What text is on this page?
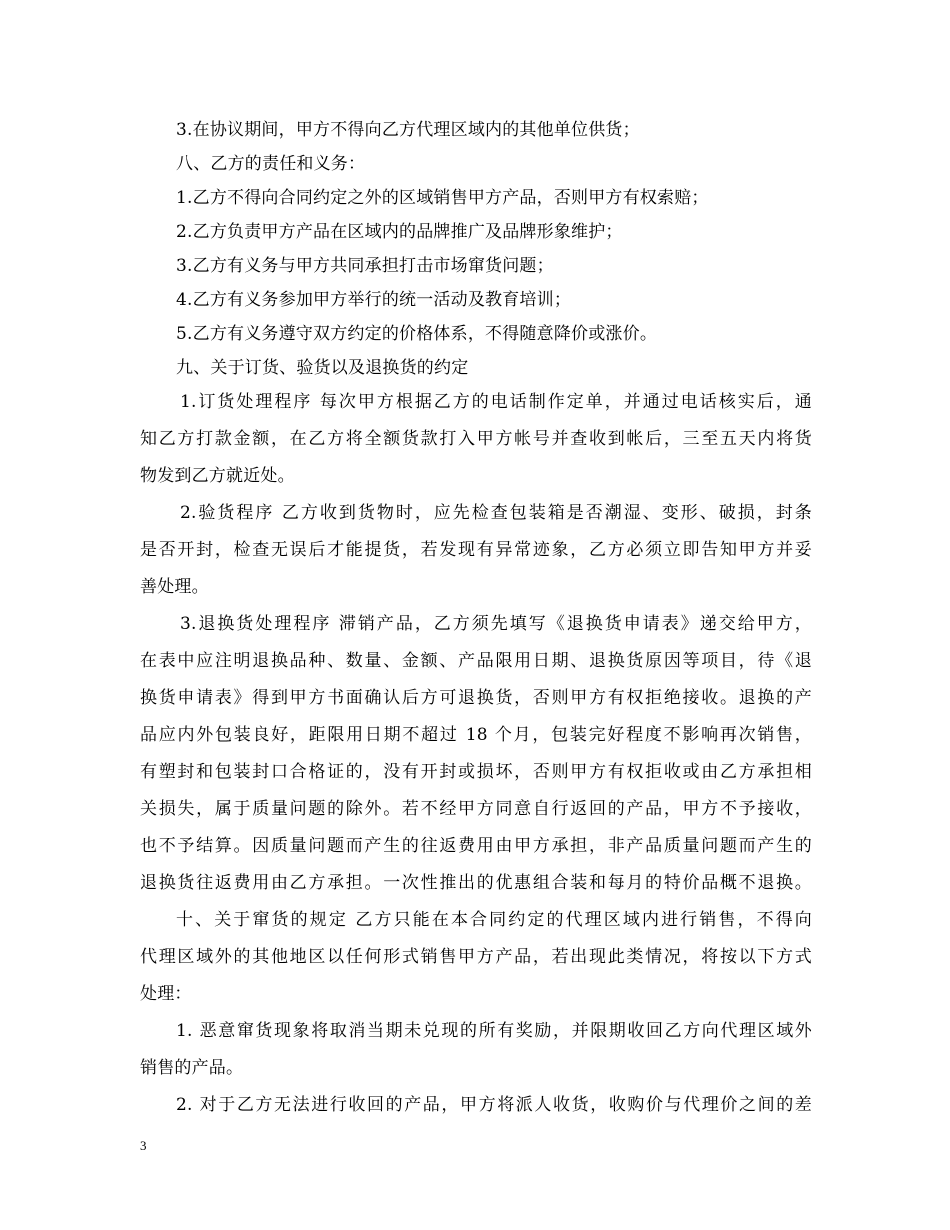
3.在协议期间，甲方不得向乙方代理区域内的其他单位供货；
八、乙方的责任和义务：
1.乙方不得向合同约定之外的区域销售甲方产品，否则甲方有权索赔；
2.乙方负责甲方产品在区域内的品牌推广及品牌形象维护；
3.乙方有义务与甲方共同承担打击市场窜货问题；
4.乙方有义务参加甲方举行的统一活动及教育培训；
5.乙方有义务遵守双方约定的价格体系，不得随意降价或涨价。
九、关于订货、验货以及退换货的约定
1.订货处理程序 每次甲方根据乙方的电话制作定单，并通过电话核实后，通
知乙方打款金额，在乙方将全额货款打入甲方帐号并查收到帐后，三至五天内将货
物发到乙方就近处。
2.验货程序 乙方收到货物时，应先检查包装箱是否潮湿、变形、破损，封条
是否开封，检查无误后才能提货，若发现有异常迹象，乙方必须立即告知甲方并妥
善处理。
3.退换货处理程序 滞销产品，乙方须先填写《退换货申请表》递交给甲方，
在表中应注明退换品种、数量、金额、产品限用日期、退换货原因等项目，待《退
换货申请表》得到甲方书面确认后方可退换货，否则甲方有权拒绝接收。退换的产
品应内外包装良好，距限用日期不超过 18 个月，包装完好程度不影响再次销售，
有塑封和包装封口合格证的，没有开封或损坏，否则甲方有权拒收或由乙方承担相
关损失，属于质量问题的除外。若不经甲方同意自行返回的产品，甲方不予接收，
也不予结算。因质量问题而产生的往返费用由甲方承担，非产品质量问题而产生的
退换货往返费用由乙方承担。一次性推出的优惠组合装和每月的特价品概不退换。
十、关于窜货的规定 乙方只能在本合同约定的代理区域内进行销售，不得向
代理区域外的其他地区以任何形式销售甲方产品，若出现此类情况，将按以下方式
处理：
1. 恶意窜货现象将取消当期未兑现的所有奖励，并限期收回乙方向代理区域外
销售的产品。
2. 对于乙方无法进行收回的产品，甲方将派人收货，收购价与代理价之间的差
3
